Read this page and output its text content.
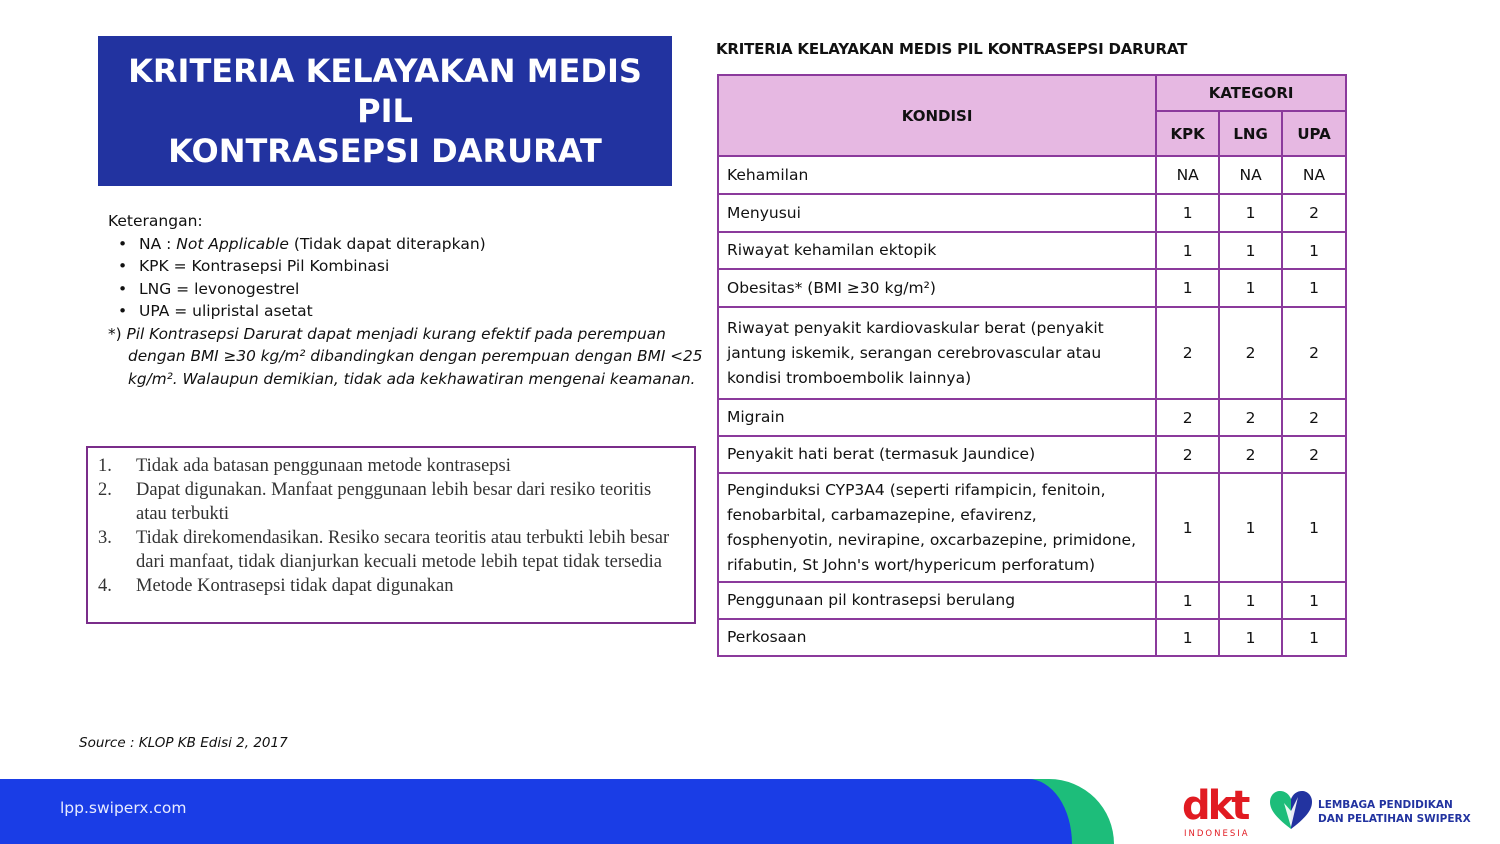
KRITERIA KELAYAKAN MEDIS PIL
KONTRASEPSI DARURAT

Keterangan:

• NA : Not Applicable (Tidak dapat diterapkan)
• KPK = Kontrasepsi Pil Kombinasi
• LNG = levonogestrel
• UPA = ulipristal asetat

*) Pil Kontrasepsi Darurat dapat menjadi kurang efektif pada perempuan dengan BMI ≥30 kg/m² dibandingkan dengan perempuan dengan BMI <25 kg/m². Walaupun demikian, tidak ada kekhawatiran mengenai keamanan.

1. Tidak ada batasan penggunaan metode kontrasepsi
2. Dapat digunakan. Manfaat penggunaan lebih besar dari resiko teoritis atau terbukti
3. Tidak direkomendasikan. Resiko secara teoritis atau terbukti lebih besar dari manfaat, tidak dianjurkan kecuali metode lebih tepat tidak tersedia
4. Metode Kontrasepsi tidak dapat digunakan
KRITERIA KELAYAKAN MEDIS PIL KONTRASEPSI DARURAT
KONDISI	KATEGORI		
	KPK	LNG	UPA
Kehamilan	NA	NA	NA
Menyusui	1	1	2
Riwayat kehamilan ektopik	1	1	1
Obesitas* (BMI ≥30 kg/m²)	1	1	1
Riwayat penyakit kardiovaskular berat (penyakit jantung iskemik, serangan cerebrovascular atau kondisi tromboembolik lainnya)	2	2	2
Migrain	2	2	2
Penyakit hati berat (termasuk Jaundice)	2	2	2
Penginduksi CYP3A4 (seperti rifampicin, fenitoin, fenobarbital, carbamazepine, efavirenz, fosphenyotin, nevirapine, oxcarbazepine, primidone, rifabutin, St John's wort/hypericum perforatum)	1	1	1
Penggunaan pil kontrasepsi berulang	1	1	1
Perkosaan	1	1	1
Source : KLOP KB Edisi 2, 2017
lpp.swiperx.com	dkt
INDONESIA
LEMBAGA PENDIDIKAN
DAN PELATIHAN SWIPERX
